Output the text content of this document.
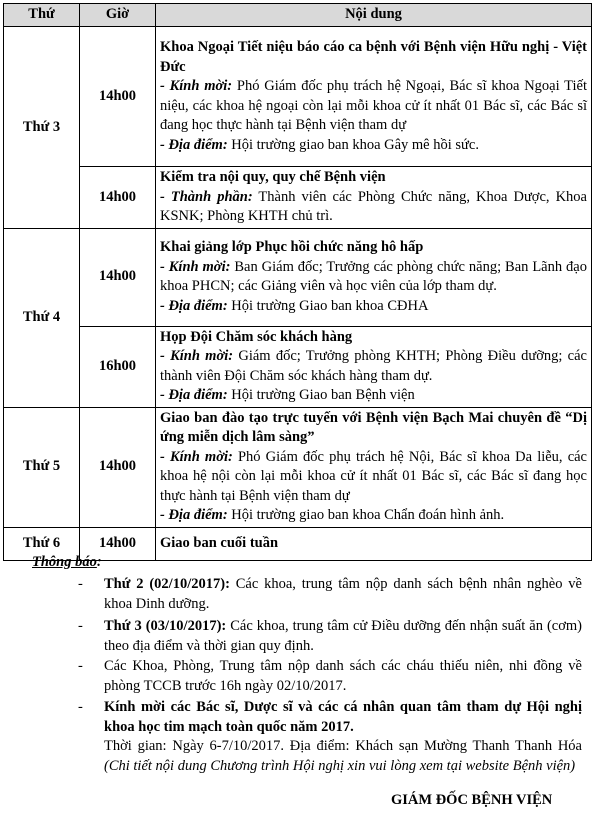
Thứ	Giờ	Nội dung
Thứ 3	14h00	Khoa Ngoại Tiết niệu báo cáo ca bệnh với Bệnh viện Hữu nghị - Việt Đức
- Kính mời: Phó Giám đốc phụ trách hệ Ngoại, Bác sĩ khoa Ngoại Tiết niệu, các khoa hệ ngoại còn lại mỗi khoa cử ít nhất 01 Bác sĩ, các Bác sĩ đang học thực hành tại Bệnh viện tham dự
- Địa điểm: Hội trường giao ban khoa Gây mê hồi sức.

	14h00	Kiểm tra nội quy, quy chế Bệnh viện
- Thành phần: Thành viên các Phòng Chức năng, Khoa Dược, Khoa KSNK; Phòng KHTH chủ trì.

Thứ 4	14h00	Khai giảng lớp Phục hồi chức năng hô hấp
- Kính mời: Ban Giám đốc; Trưởng các phòng chức năng; Ban Lãnh đạo khoa PHCN; các Giảng viên và học viên của lớp tham dự.
- Địa điểm: Hội trường Giao ban khoa CĐHA

	16h00	Họp Đội Chăm sóc khách hàng
- Kính mời: Giám đốc; Trưởng phòng KHTH; Phòng Điều dưỡng; các thành viên Đội Chăm sóc khách hàng tham dự.
- Địa điểm: Hội trường Giao ban Bệnh viện

Thứ 5	14h00	Giao ban đào tạo trực tuyến với Bệnh viện Bạch Mai chuyên đề “Dị ứng miễn dịch lâm sàng”
- Kính mời: Phó Giám đốc phụ trách hệ Nội, Bác sĩ khoa Da liễu, các khoa hệ nội còn lại mỗi khoa cử ít nhất 01 Bác sĩ, các Bác sĩ đang học thực hành tại Bệnh viện tham dự
- Địa điểm: Hội trường giao ban khoa Chẩn đoán hình ảnh.

Thứ 6	14h00	Giao ban cuối tuần
Thông báo:
- Thứ 2 (02/10/2017): Các khoa, trung tâm nộp danh sách bệnh nhân nghèo về khoa Dinh dưỡng.
- Thứ 3 (03/10/2017): Các khoa, trung tâm cử Điều dưỡng đến nhận suất ăn (cơm) theo địa điểm và thời gian quy định.
- Các Khoa, Phòng, Trung tâm nộp danh sách các cháu thiếu niên, nhi đồng về phòng TCCB trước 16h ngày 02/10/2017.
- Kính mời các Bác sĩ, Dược sĩ và các cá nhân quan tâm tham dự Hội nghị khoa học tim mạch toàn quốc năm 2017.
Thời gian: Ngày 6-7/10/2017. Địa điểm: Khách sạn Mường Thanh Thanh Hóa (Chi tiết nội dung Chương trình Hội nghị xin vui lòng xem tại website Bệnh viện)
GIÁM ĐỐC BỆNH VIỆN
